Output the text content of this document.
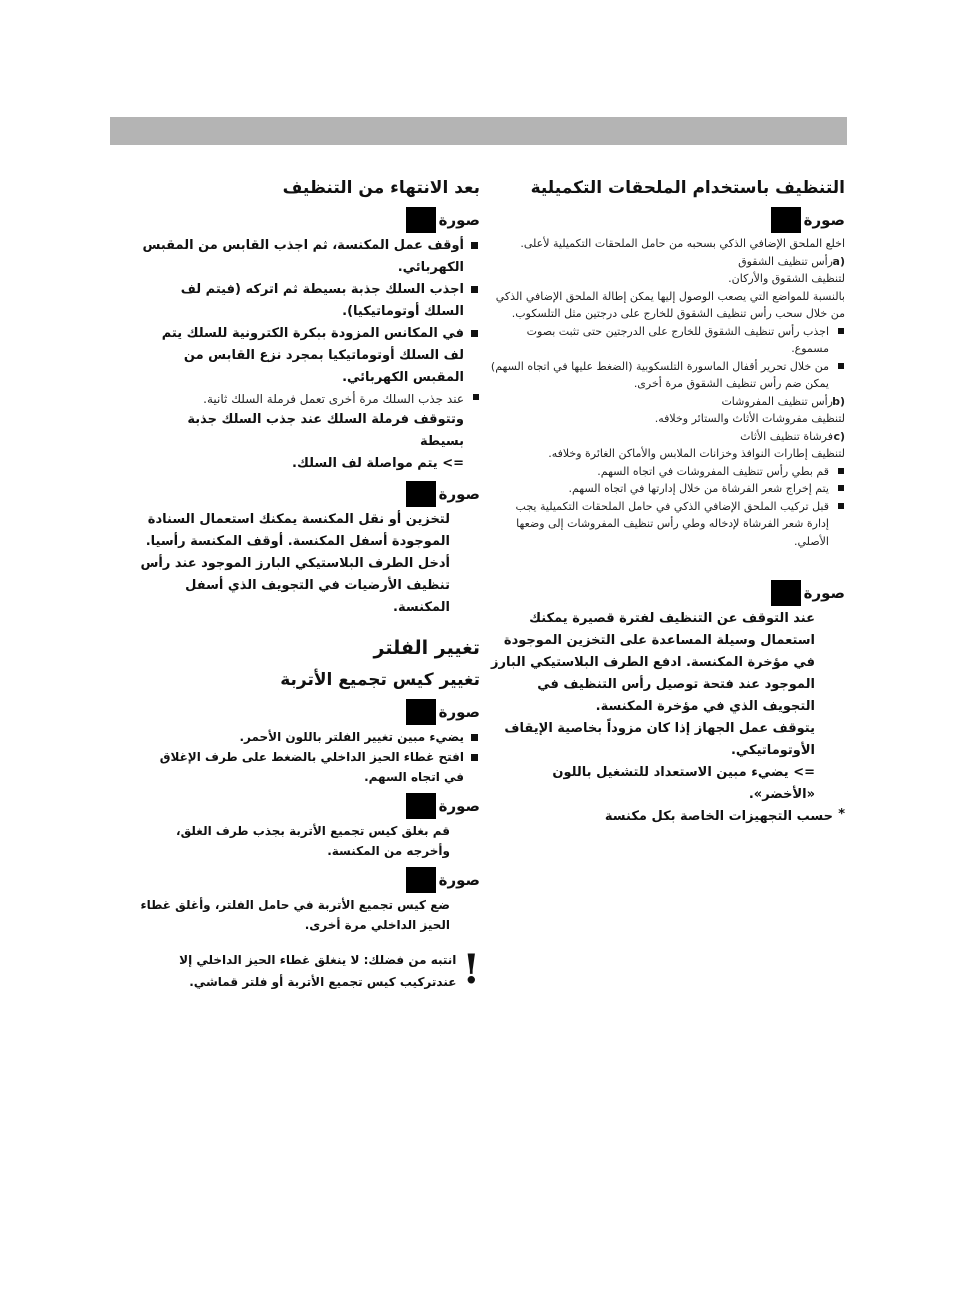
التنظيف باستخدام الملحقات التكميلية
صورة

اخلع الملحق الإضافي الذكي بسحبه من حامل الملحقات التكميلية لأعلى.

(a
رأس تنظيف الشقوق

لتنظيف الشقوق والأركان.

بالنسبة للمواضع التي يصعب الوصول إليها يمكن إطالة الملحق الإضافي الذكي من خلال سحب رأس تنظيف الشقوق للخارج على درجتين مثل التلسكوب.

اجذب رأس تنظيف الشقوق للخارج على الدرجتين حتى تثبت بصوت مسموع.
من خلال تحرير أقفال الماسورة التلسكوبية (الضغط عليها في اتجاه السهم) يمكن ضم رأس تنظيف الشقوق مرة أخرى.
(b
رأس تنظيف المفروشات

لتنظيف مفروشات الأثاث والستائر وخلافه.

(c
فرشاة تنظيف الأثاث

لتنظيف إطارات النوافذ وخزانات الملابس والأماكن الغائرة وخلافه.

قم بطي رأس تنظيف المفروشات في اتجاه السهم.
يتم إخراج شعر الفرشاة من خلال إدارتها في اتجاه السهم.
قبل تركيب الملحق الإضافي الذكي في حامل الملحقات التكميلية يجب إدارة شعر الفرشاة لإدخاله وطي رأس تنظيف المفروشات إلى وضعها الأصلي.
صورة

عند التوقف عن التنظيف لفترة قصيرة يمكنك استعمال وسيلة المساعدة على التخزين الموجودة في مؤخرة المكنسة. ادفع الطرف البلاستيكي البارز الموجود عند فتحة توصيل رأس التنظيف في التجويف الذي في مؤخرة المكنسة.

يتوقف عمل الجهاز إذا كان مزوداً بخاصية الإيقاف الأوتوماتيكي.

=> يضيء مبين الاستعداد للتشغيل باللون «الأخضر».

*
حسب التجهيزات الخاصة بكل مكنسة
بعد الانتهاء من التنظيف
صورة
أوقف عمل المكنسة، ثم اجذب القابس من المقبس الكهربائي.
اجذب السلك جذبة بسيطة ثم اتركه (فيتم لف السلك أوتوماتيكيا).
في المكانس المزودة ببكرة الكترونية للسلك يتم لف السلك أوتوماتيكيا بمجرد نزع القابس من المقبس الكهربائي.
عند جذب السلك مرة أخرى تعمل فرملة السلك ثانية.

وتتوقف فرملة السلك عند جذب السلك جذبة بسيطة

=> يتم مواصلة لف السلك.

صورة

لتخزين أو نقل المكنسة يمكنك استعمال السنادة الموجودة أسفل المكنسة. أوقف المكنسة رأسيا. أدخل الطرف البلاستيكي البارز الموجود عند رأس تنظيف الأرضيات في التجويف الذي أسفل المكنسة.

تغيير الفلتر
تغيير كيس تجميع الأتربة
صورة
يضيء مبين تغيير الفلتر باللون الأحمر.
افتح غطاء الحيز الداخلي بالضغط على طرف الإغلاق في اتجاه السهم.
صورة

قم بغلق كيس تجميع الأتربة بجذب طرف الغلق، وأخرجه من المكنسة.

صورة

ضع كيس تجميع الأتربة في حامل الفلتر، وأغلق غطاء الحيز الداخلي مرة أخرى.

!

انتبه من فضلك: لا ينغلق غطاء الحيز الداخلي إلا عندتركيب كيس تجميع الأتربة أو فلتر قماشي.
